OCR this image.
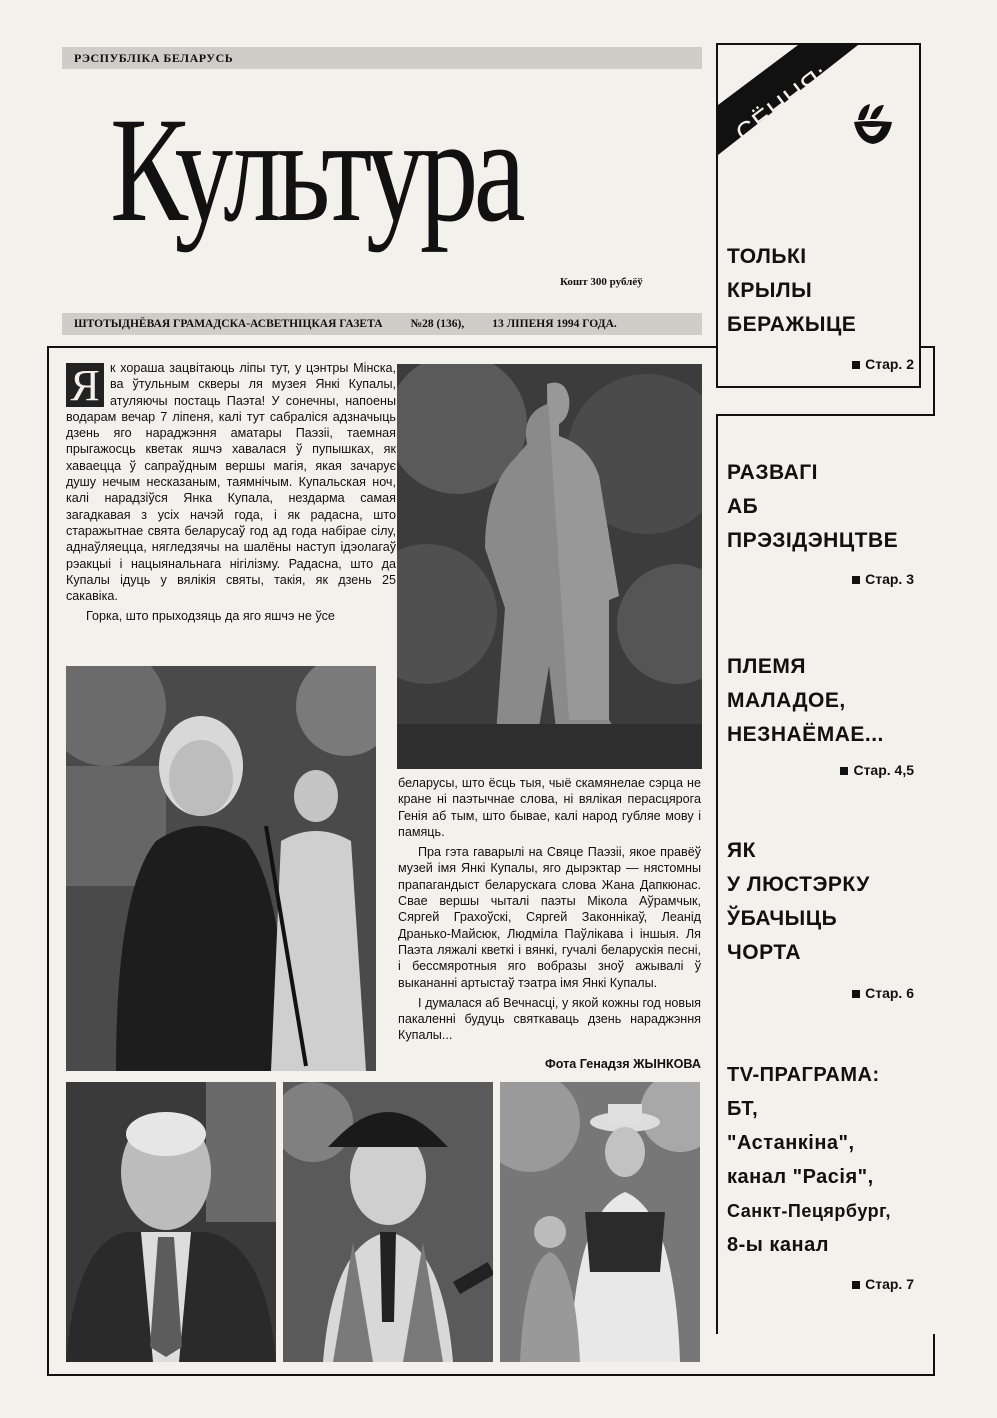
РЭСПУБЛІКА БЕЛАРУСЬ

Культура
Кошт 300 рублёў
ШТОТЫДНЁВАЯ ГРАМАДСКА-АСВЕТНІЦКАЯ ГАЗЕТА №28 (136), 13 ЛІПЕНЯ 1994 ГОДА.
Я к хораша зацвітаюць ліпы тут, у цэнтры Мінска, ва ўтульным скверы ля музея Янкі Купалы, атуляючы постаць Паэта! У сонечны, напоены водарам вечар 7 ліпеня, калі тут сабраліся адзначыць дзень яго нараджэння аматары Паэзіі, таемная прыгажосць кветак яшчэ хавалася ў пупышках, як хаваецца ў сапраўдным вершы магія, якая зачарує душу нечым несказаным, таямнічым. Купальская ноч, калі нарадзіўся Янка Купала, нездарма самая загадкавая з усіх начэй года, і як радасна, што старажытнае свята беларусаў год ад года набірае сілу, аднаўляецца, нягледзячы на шалёны наступ ідэолагаў рэакцыі і нацыянальнага нігілізму. Радасна, што да Купалы ідуць у вялікія святы, такія, як дзень 25 сакавіка.

Горка, што прыходзяць да яго яшчэ не ўсе

беларусы, што ёсць тыя, чыё скамянелае сэрца не кране ні паэтычнае слова, ні вялікая перасцярога Генія аб тым, што бывае, калі народ губляе мову і памяць.

Пра гэта гаварылі на Свяце Паэзіі, якое правёў музей імя Янкі Купалы, яго дырэктар — нястомны прапагандыст беларускага слова Жана Дапкюнас. Свае вершы чыталі паэты Мікола Аўрамчык, Сяргей Грахоўскі, Сяргей Законнікаў, Леанід Дранько-Майсюк, Людміла Паўлікава і іншыя. Ля Паэта ляжалі кветкі і вянкі, гучалі беларускія песні, і бессмяротныя яго вобразы зноў ажывалі ў выкананні артыстаў тэатра імя Янкі Купалы.

І думалася аб Вечнасці, у якой кожны год новыя пакаленні будуць святкаваць дзень нараджэння Купалы...

Фота Генадзя ЖЫНКОВА
СЁННЯ:
ТОЛЬКІ
КРЫЛЫ
БЕРАЖЫЦЕ
Стар. 2
РАЗВАГІ
АБ
ПРЭЗІДЭНЦТВЕ
Стар. 3
ПЛЕМЯ
МАЛАДОЕ,
НЕЗНАЁМАЕ...
Стар. 4,5
ЯК
У ЛЮСТЭРКУ
ЎБАЧЫЦЬ
ЧОРТА
Стар. 6
TV-ПРАГРАМА:
БТ,
"Астанкіна",
канал "Расія",
Санкт-Пецярбург,
8-ы канал
Стар. 7
